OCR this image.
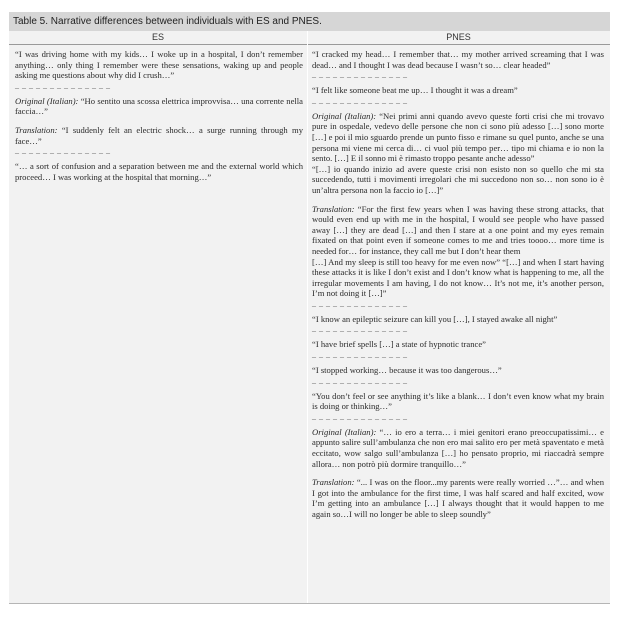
Table 5. Narrative differences between individuals with ES and PNES.
ES	PNES

“I was driving home with my kids… I woke up in a hospital, I don’t remember anything… only thing I remember were these sensations, waking up and people asking me questions about why did I crush…”

– – – – – – – – – – – – – –

Original (Italian): “Ho sentito una scossa elettrica improvvisa… una corrente nella faccia…”

Translation: “I suddenly felt an electric shock… a surge running through my face…”

– – – – – – – – – – – – – –

“… a sort of confusion and a separation between me and the external world which proceed… I was working at the hospital that morning…”

“I cracked my head… I remember that… my mother arrived screaming that I was dead… and I thought I was dead because I wasn’t so… clear headed”

– – – – – – – – – – – – – –

“I felt like someone beat me up… I thought it was a dream”

– – – – – – – – – – – – – –

Original (Italian): “Nei primi anni quando avevo queste forti crisi che mi trovavo pure in ospedale, vedevo delle persone che non ci sono più adesso […] sono morte […] e poi il mio sguardo prende un punto fisso e rimane su quel punto, anche se una persona mi viene mi cerca di… ci vuol più tempo per… tipo mi chiama e io non la sento. […] E il sonno mi è rimasto troppo pesante anche adesso”

“[…] io quando inizio ad avere queste crisi non esisto non so quello che mi sta succedendo, tutti i movimenti irregolari che mi succedono non so… non sono io è un’altra persona non la faccio io […]”

Translation: “For the first few years when I was having these strong attacks, that would even end up with me in the hospital, I would see people who have passed away […] they are dead […] and then I stare at a one point and my eyes remain fixated on that point even if someone comes to me and tries toooo… more time is needed for… for instance, they call me but I don’t hear them

[…] And my sleep is still too heavy for me even now” “[…] and when I start having these attacks it is like I don’t exist and I don’t know what is happening to me, all the irregular movements I am having, I do not know… It’s not me, it’s another person, I’m not doing it […]”

– – – – – – – – – – – – – –

“I know an epileptic seizure can kill you […], I stayed awake all night”

– – – – – – – – – – – – – –

“I have brief spells […] a state of hypnotic trance”

– – – – – – – – – – – – – –

“I stopped working… because it was too dangerous…”

– – – – – – – – – – – – – –

“You don’t feel or see anything it’s like a blank… I don’t even know what my brain is doing or thinking…”

– – – – – – – – – – – – – –

Original (Italian): “… io ero a terra… i miei genitori erano preoccupatissimi… e appunto salire sull’ambulanza che non ero mai salito ero per metà spaventato e metà eccitato, wow salgo sull’ambulanza […] ho pensato proprio, mi riaccadrà sempre allora… non potrò più dormire tranquillo…”

Translation: “... I was on the floor...my parents were really worried …”… and when I got into the ambulance for the first time, I was half scared and half excited, wow I’m getting into an ambulance […] I always thought that it would happen to me again so…I will no longer be able to sleep soundly”
